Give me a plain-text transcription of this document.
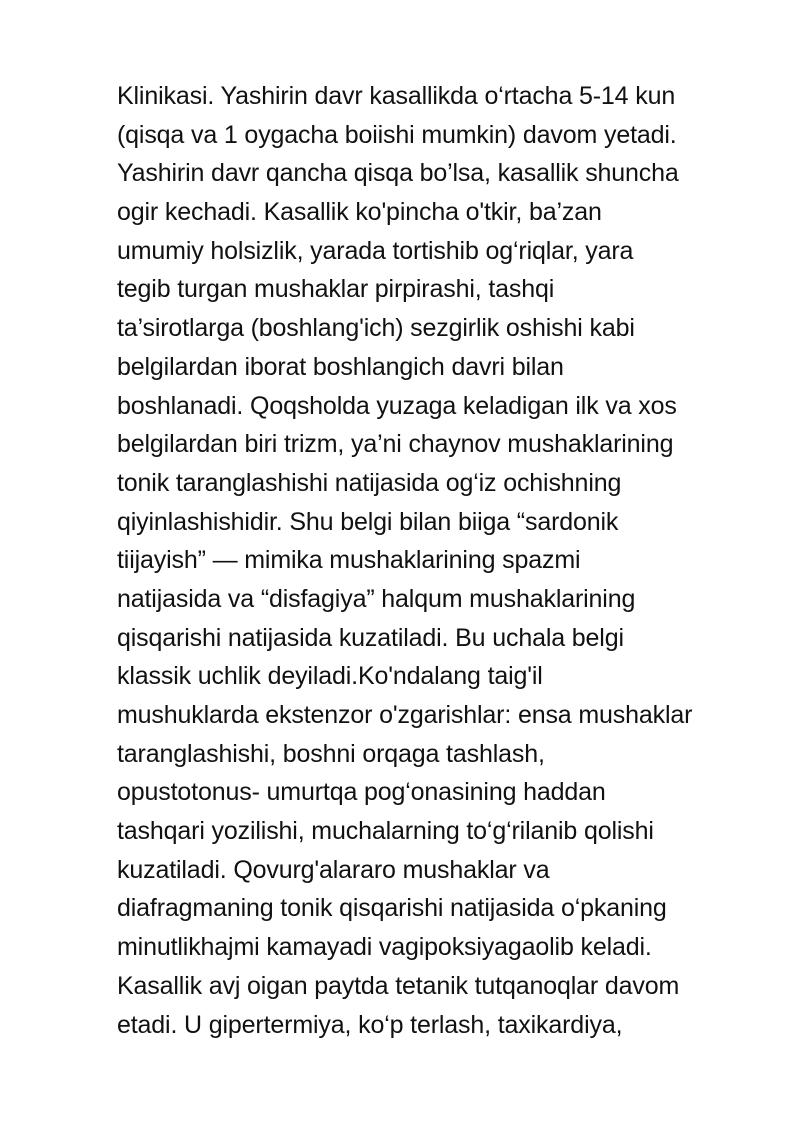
Klinikasi. Yashirin davr kasallikda o‘rtacha 5-14 kun
(qisqa va 1 oygacha boiishi mumkin) davom yetadi.
Yashirin davr qancha qisqa bo’lsa, kasallik shuncha
ogir kechadi. Kasallik ko'pincha o'tkir, ba’zan
umumiy holsizlik, yarada tortishib og‘riqlar, yara
tegib turgan mushaklar pirpirashi, tashqi
ta’sirotlarga (boshlang'ich) sezgirlik oshishi kabi
belgilardan iborat boshlangich davri bilan
boshlanadi. Qoqsholda yuzaga keladigan ilk va xos
belgilardan biri trizm, ya’ni chaynov mushaklarining
tonik taranglashishi natijasida og‘iz ochishning
qiyinlashishidir. Shu belgi bilan biiga “sardonik
tiijayish” — mimika mushaklarining spazmi
natijasida va “disfagiya” halqum mushaklarining
qisqarishi natijasida kuzatiladi. Bu uchala belgi
klassik uchlik deyiladi.Ko'ndalang taig'il
mushuklarda ekstenzor o'zgarishlar: ensa mushaklar
taranglashishi, boshni orqaga tashlash,
opustotonus- umurtqa pog‘onasining haddan
tashqari yozilishi, muchalarning to‘g‘rilanib qolishi
kuzatiladi. Qovurg'alararo mushaklar va
diafragmaning tonik qisqarishi natijasida o‘pkaning
minutlikhajmi kamayadi vagipoksiyagaolib keladi.
Kasallik avj oigan paytda tetanik tutqanoqlar davom
etadi. U gipertermiya, ko‘p terlash, taxikardiya,
